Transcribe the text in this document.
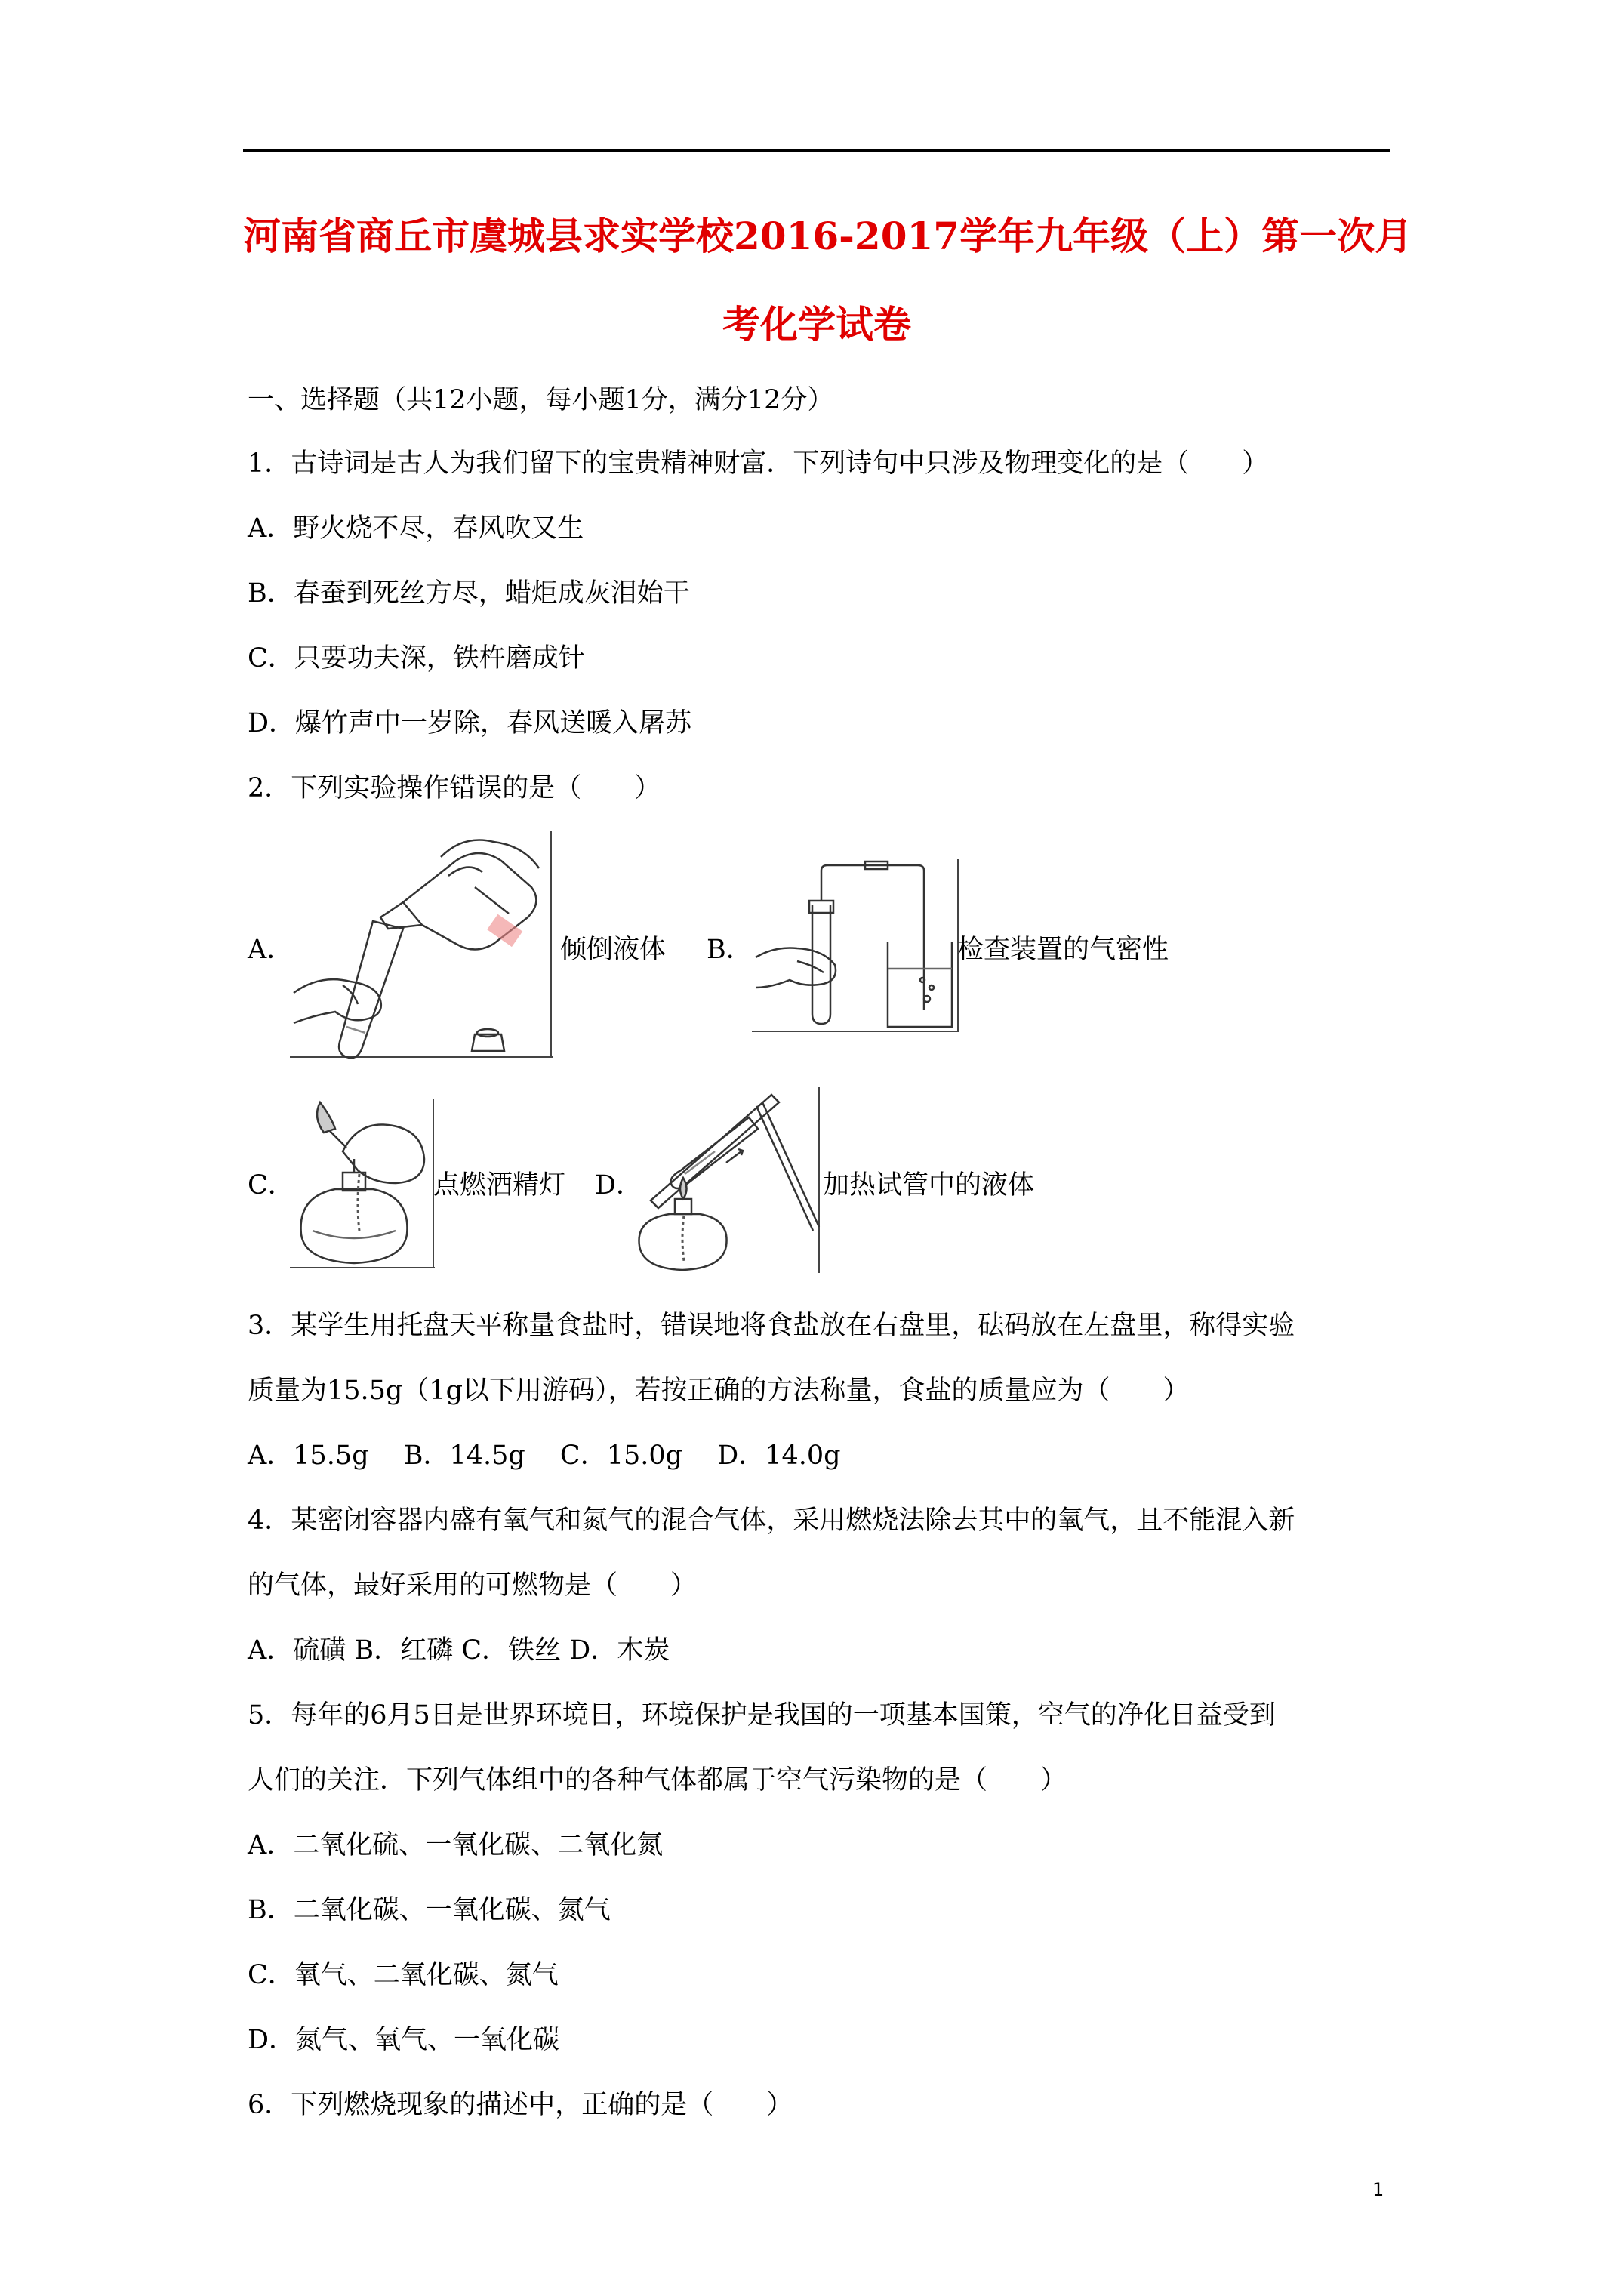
河南省商丘市虞城县求实学校2016-2017学年九年级（上）第一次月
考化学试卷
一、选择题（共12小题，每小题1分，满分12分）
1．古诗词是古人为我们留下的宝贵精神财富．下列诗句中只涉及物理变化的是（　　）
A．野火烧不尽，春风吹又生
B．春蚕到死丝方尽，蜡炬成灰泪始干
C．只要功夫深，铁杵磨成针
D．爆竹声中一岁除，春风送暖入屠苏
2．下列实验操作错误的是（　　）
A．	倾倒液体 B．	检查装置的气密性
C．	点燃酒精灯 D．	加热试管中的液体
3．某学生用托盘天平称量食盐时，错误地将食盐放在右盘里，砝码放在左盘里，称得实验
质量为15.5g（1g以下用游码），若按正确的方法称量，食盐的质量应为（　　）
A．15.5g　 B．14.5g　 C．15.0g　 D．14.0g
4．某密闭容器内盛有氧气和氮气的混合气体，采用燃烧法除去其中的氧气，且不能混入新
的气体，最好采用的可燃物是（　　）
A．硫磺 B．红磷 C．铁丝 D．木炭
5．每年的6月5日是世界环境日，环境保护是我国的一项基本国策，空气的净化日益受到
人们的关注．下列气体组中的各种气体都属于空气污染物的是（　　）
A．二氧化硫、一氧化碳、二氧化氮
B．二氧化碳、一氧化碳、氮气
C．氧气、二氧化碳、氮气
D．氮气、氧气、一氧化碳
6．下列燃烧现象的描述中，正确的是（　　）
1
